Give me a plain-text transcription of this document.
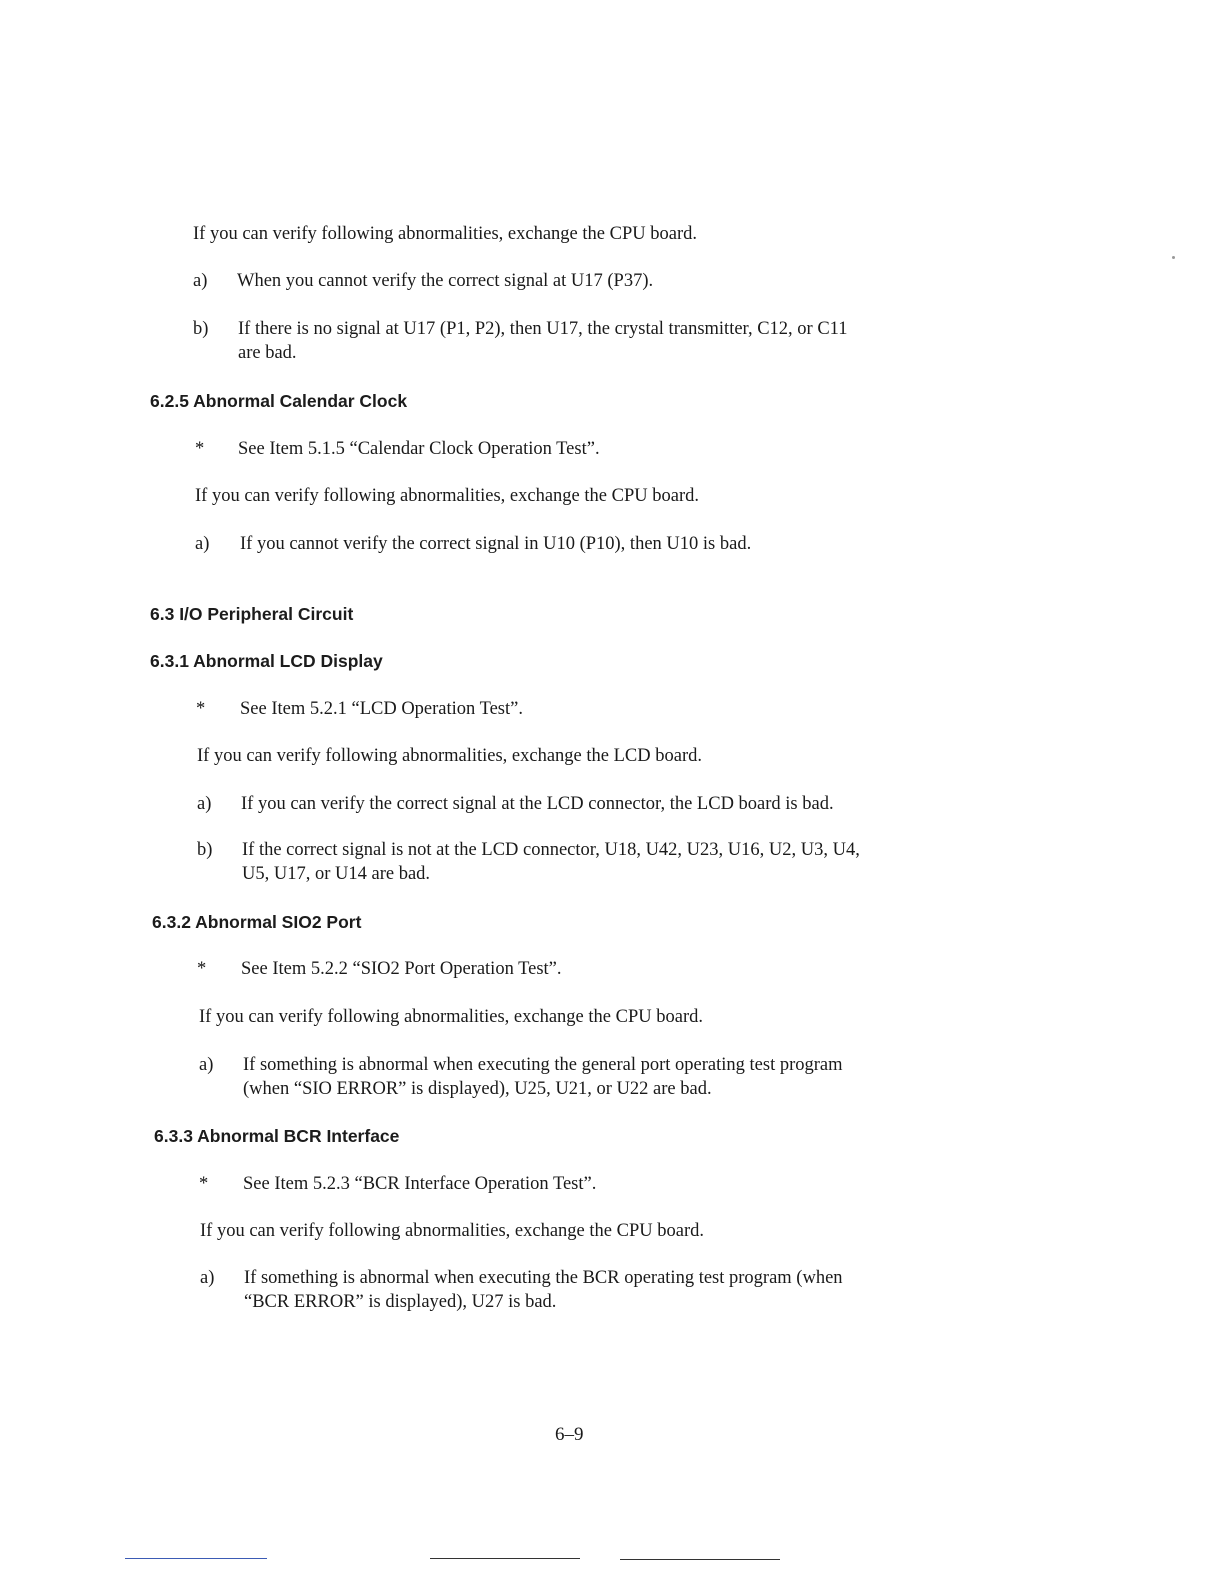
If you can verify following abnormalities, exchange the CPU board.
a) When you cannot verify the correct signal at U17 (P37).
b) If there is no signal at U17 (P1, P2), then U17, the crystal transmitter, C12, or C11
are bad.
6.2.5 Abnormal Calendar Clock
* See Item 5.1.5 “Calendar Clock Operation Test”.
If you can verify following abnormalities, exchange the CPU board.
a) If you cannot verify the correct signal in U10 (P10), then U10 is bad.
6.3 I/O Peripheral Circuit
6.3.1 Abnormal LCD Display
* See Item 5.2.1 “LCD Operation Test”.
If you can verify following abnormalities, exchange the LCD board.
a) If you can verify the correct signal at the LCD connector, the LCD board is bad.
b) If the correct signal is not at the LCD connector, U18, U42, U23, U16, U2, U3, U4,
U5, U17, or U14 are bad.
6.3.2 Abnormal SIO2 Port
* See Item 5.2.2 “SIO2 Port Operation Test”.
If you can verify following abnormalities, exchange the CPU board.
a) If something is abnormal when executing the general port operating test program
(when “SIO ERROR” is displayed), U25, U21, or U22 are bad.
6.3.3 Abnormal BCR Interface
* See Item 5.2.3 “BCR Interface Operation Test”.
If you can verify following abnormalities, exchange the CPU board.
a) If something is abnormal when executing the BCR operating test program (when
“BCR ERROR” is displayed), U27 is bad.
6–9
